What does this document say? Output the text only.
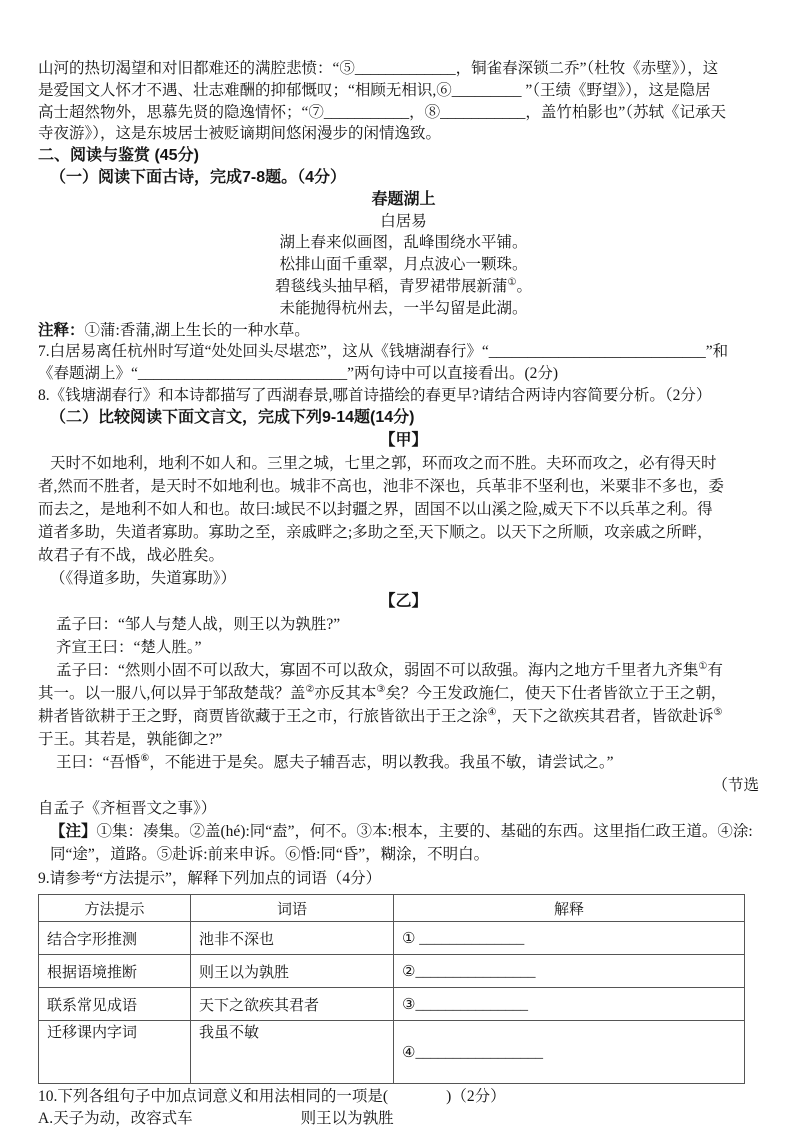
山河的热切渴望和对旧都难还的满腔悲愤：“⑤_____________，铜雀春深锁二乔”（杜牧《赤壁》），这
是爱国文人怀才不遇、壮志难酬的抑郁慨叹；“相顾无相识,⑥_________ ”（王绩《野望》），这是隐居
高士超然物外，思慕先贤的隐逸情怀；“⑦___________，⑧___________，盖竹柏影也”（苏轼《记承天
寺夜游》），这是东坡居士被贬谪期间悠闲漫步的闲情逸致。
二、阅读与鉴赏 (45分)
（一）阅读下面古诗，完成7-8题。（4分）
春题湖上
白居易
湖上春来似画图，乱峰围绕水平铺。
松排山面千重翠，月点波心一颗珠。
碧毯线头抽早稻，青罗裙带展新蒲①。
未能抛得杭州去，一半勾留是此湖。
注释：①蒲:香蒲,湖上生长的一种水草。
7.白居易离任杭州时写道“处处回头尽堪恋”，这从《钱塘湖春行》“____________________________”和
《春题湖上》“___________________________”两句诗中可以直接看出。(2分)
8.《钱塘湖春行》和本诗都描写了西湖春景,哪首诗描绘的春更早?请结合两诗内容简要分析。（2分）
（二）比较阅读下面文言文，完成下列9-14题(14分)
【甲】
天时不如地利，地利不如人和。三里之城，七里之郭，环而攻之而不胜。夫环而攻之，必有得天时
者,然而不胜者，是天时不如地利也。城非不高也，池非不深也，兵革非不坚利也，米粟非不多也，委
而去之，是地利不如人和也。故曰:域民不以封疆之界，固国不以山溪之险,威天下不以兵革之利。得
道者多助，失道者寡助。寡助之至，亲戚畔之;多助之至,天下顺之。以天下之所顺，攻亲戚之所畔，
故君子有不战，战必胜矣。
（《得道多助，失道寡助》）
【乙】
孟子曰：“邹人与楚人战，则王以为孰胜?”
齐宣王曰：“楚人胜。”
孟子曰：“然则小固不可以敌大，寡固不可以敌众，弱固不可以敌强。海内之地方千里者九齐集①有
其一。以一服八,何以异于邹敌楚哉？盖②亦反其本③矣？今王发政施仁，使天下仕者皆欲立于王之朝，
耕者皆欲耕于王之野，商贾皆欲藏于王之市，行旅皆欲出于王之涂④，天下之欲疾其君者，皆欲赴诉⑤
于王。其若是，孰能御之?”
王曰：“吾惛⑥，不能进于是矣。愿夫子辅吾志，明以教我。我虽不敏，请尝试之。”
（节选
自孟子《齐桓晋文之事》）
【注】①集：凑集。②盖(hé):同“盍”，何不。③本:根本，主要的、基础的东西。这里指仁政王道。④涂:同“途”，道路。⑤赴诉:前来申诉。⑥惛:同“昏”，糊涂，不明白。
9.请参考“方法提示”，解释下列加点的词语（4分）
方法提示	词语	解释
结合字形推测	池非不深也	① ______________
根据语境推断	则王以为孰胜	②________________
联系常见成语	天下之欲疾其君者	③_______________
迁移课内字词	我虽不敏	④_________________
10.下列各组句子中加点词意义和用法相同的一项是(               )（2分）
A.天子为动，改容式车	则王以为孰胜
